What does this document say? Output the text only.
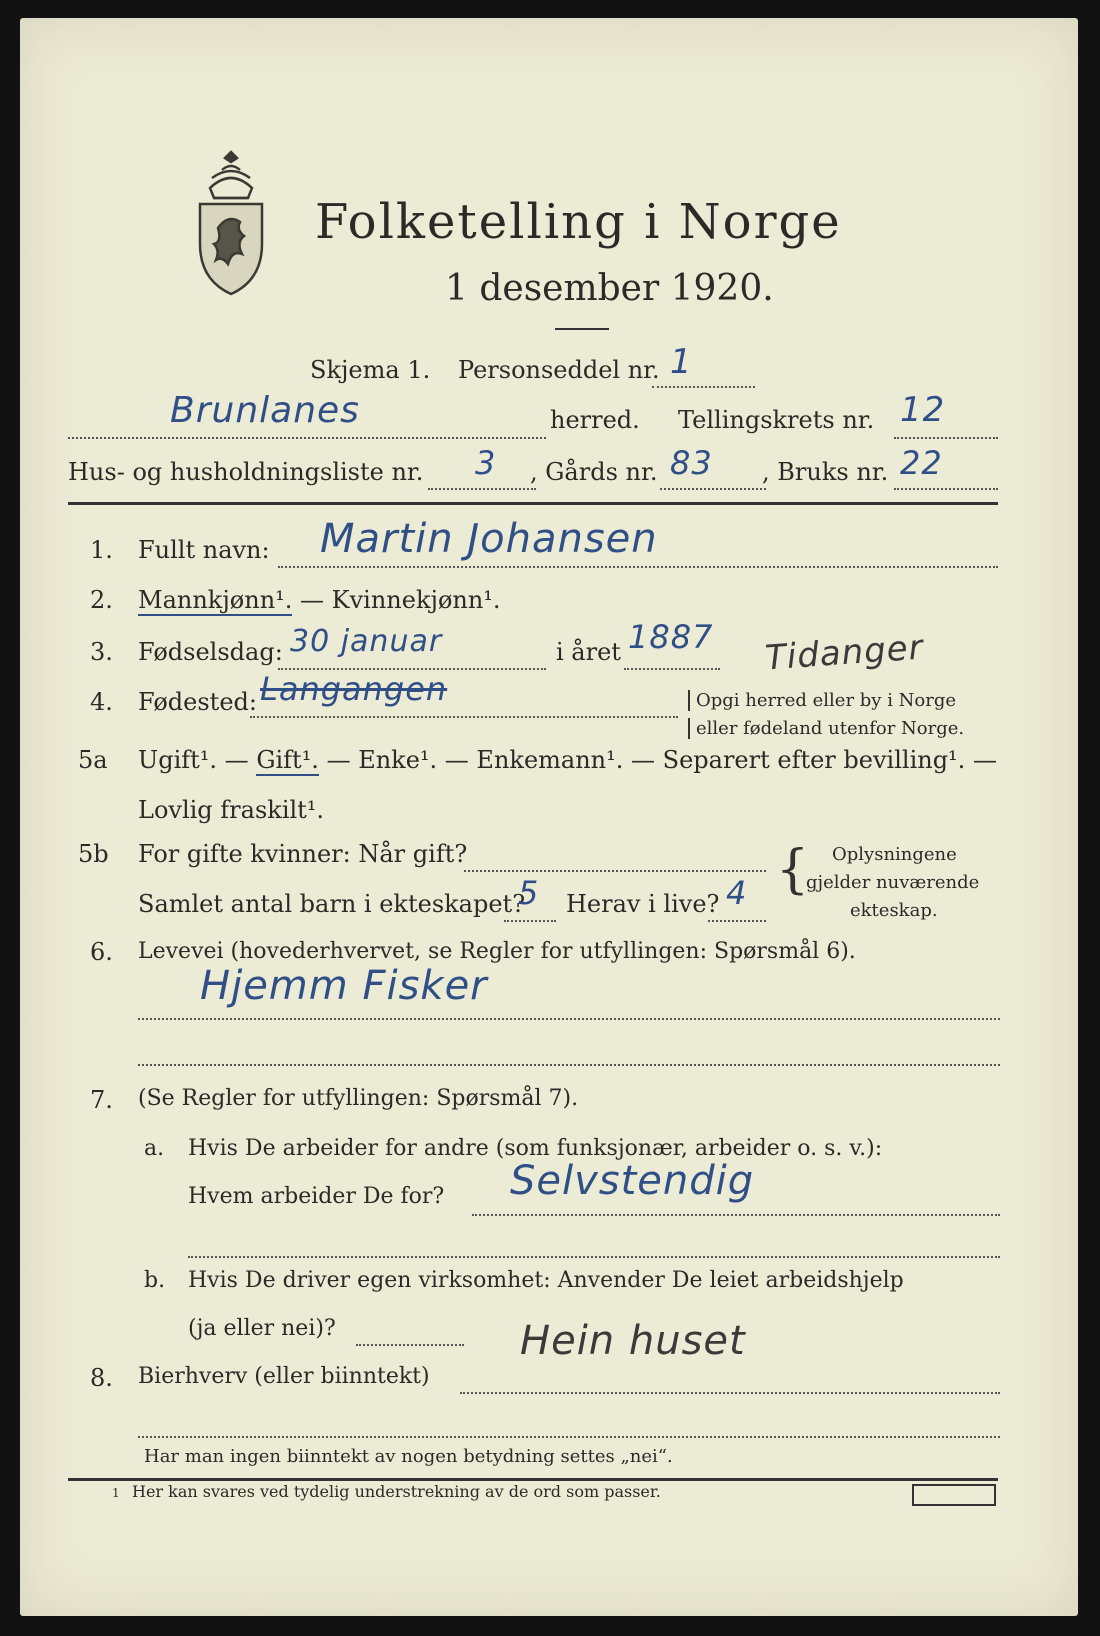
Folketelling i Norge
1 desember 1920.
Skjema 1. Personseddel nr. 1
Brunlanes	herred. Tellingskrets nr. 12
Hus- og husholdningsliste nr. 3 , Gårds nr. 83 , Bruks nr. 22
1. Fullt navn: Martin Johansen
2. Mannkjønn¹. — Kvinnekjønn¹.
3. Fødselsdag: 30 januar	i året 1887 Tidanger
4. Fødested: Langangen	Opgi herred eller by i Norge
eller fødeland utenfor Norge.
5a Ugift¹. — Gift¹. — Enke¹. — Enkemann¹. — Separert efter bevilling¹. —
Lovlig fraskilt¹.
5b For gifte kvinner: Når gift?
Samlet antal barn i ekteskapet?
5 Herav i live? 4 { Oplysningene
gjelder nuværende
ekteskap.
6. Levevei (hovederhvervet, se Regler for utfyllingen: Spørsmål 6).
Hjemm Fisker
7. (Se Regler for utfyllingen: Spørsmål 7).
a. Hvis De arbeider for andre (som funksjonær, arbeider o. s. v.):
Hvem arbeider De for? Selvstendig
b. Hvis De driver egen virksomhet: Anvender De leiet arbeidshjelp
(ja eller nei)?
8. Bierhverv (eller biinntekt)
Hein huset
Har man ingen biinntekt av nogen betydning settes „nei“.
1 Her kan svares ved tydelig understrekning av de ord som passer.
